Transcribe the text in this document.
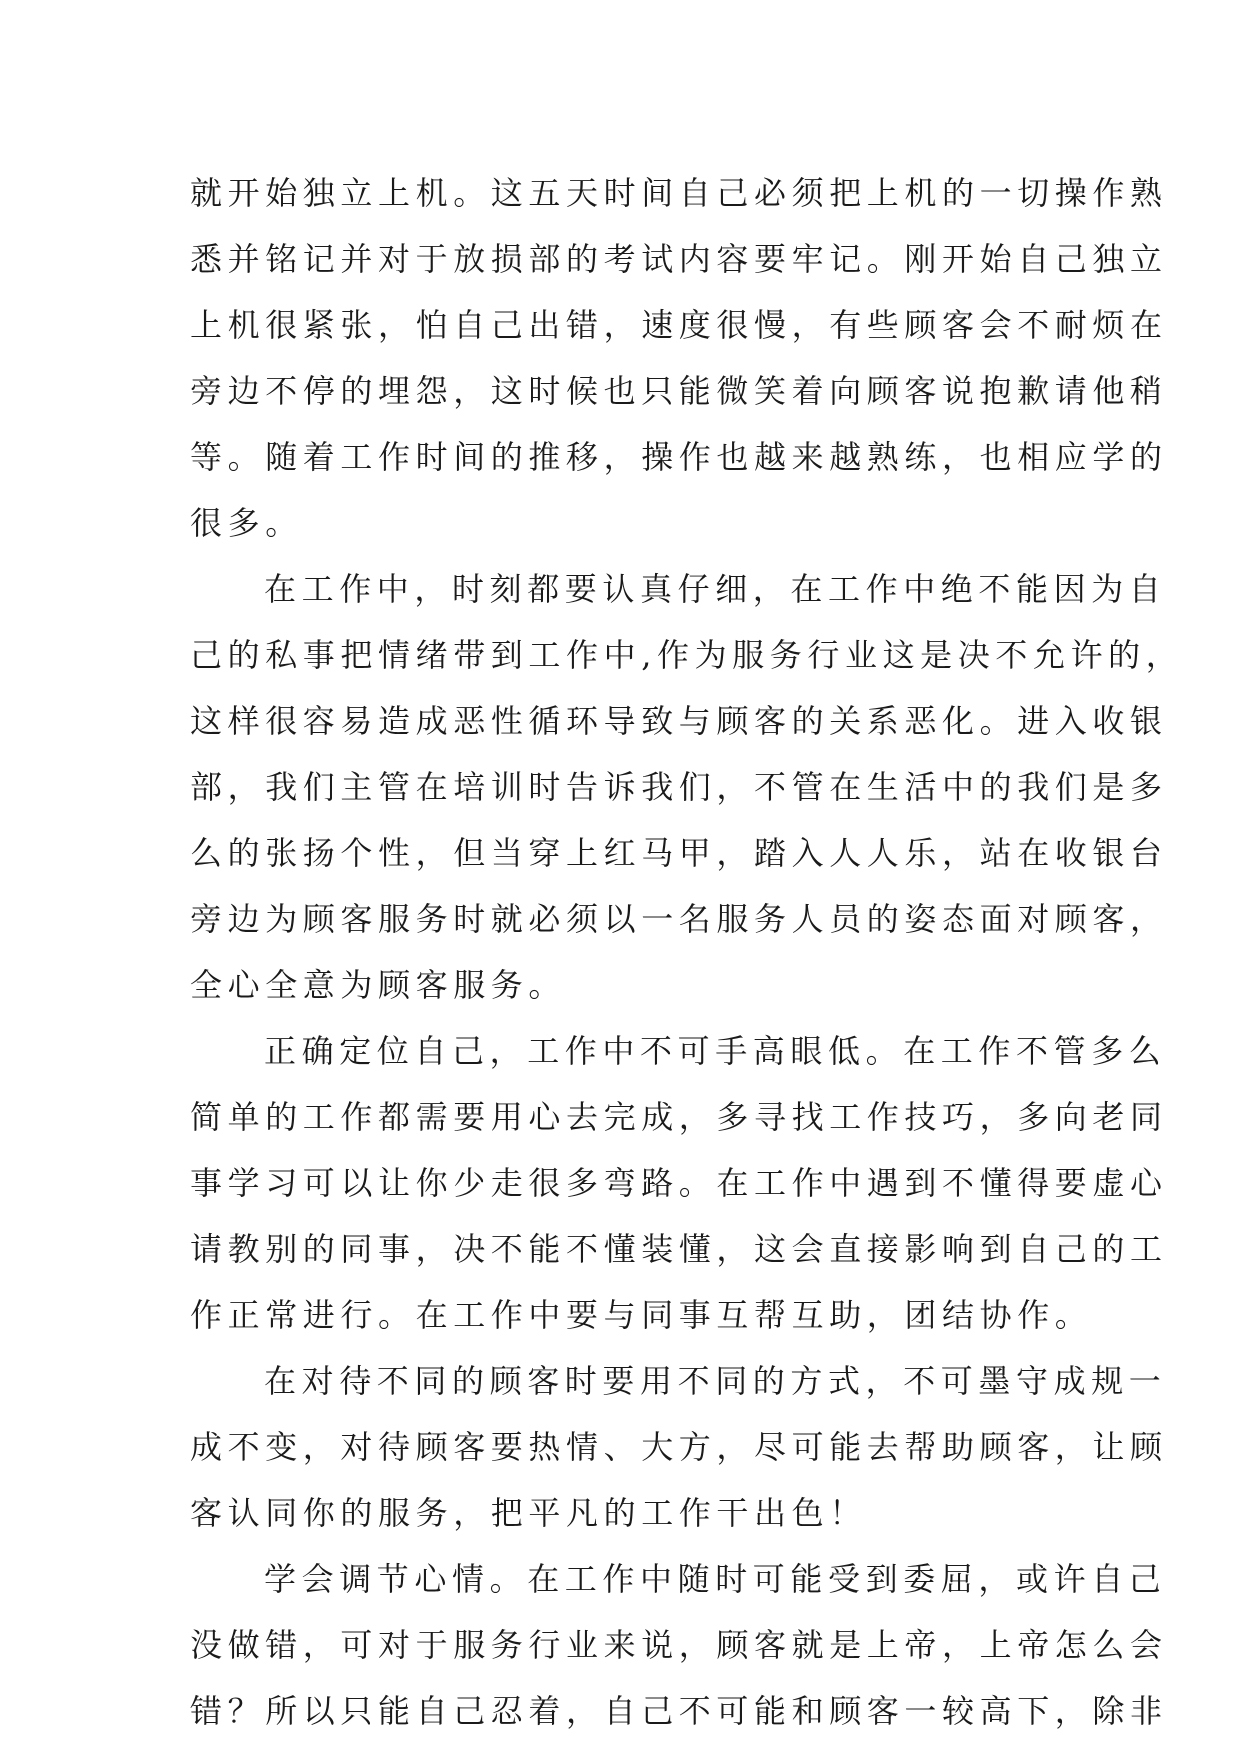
就开始独立上机。这五天时间自己必须把上机的一切操作熟
悉并铭记并对于放损部的考试内容要牢记。刚开始自己独立
上机很紧张，怕自己出错，速度很慢，有些顾客会不耐烦在
旁边不停的埋怨，这时候也只能微笑着向顾客说抱歉请他稍
等。随着工作时间的推移，操作也越来越熟练，也相应学的
很多。
在工作中，时刻都要认真仔细，在工作中绝不能因为自
己的私事把情绪带到工作中,作为服务行业这是决不允许的，
这样很容易造成恶性循环导致与顾客的关系恶化。进入收银
部，我们主管在培训时告诉我们，不管在生活中的我们是多
么的张扬个性，但当穿上红马甲，踏入人人乐，站在收银台
旁边为顾客服务时就必须以一名服务人员的姿态面对顾客，
全心全意为顾客服务。
正确定位自己，工作中不可手高眼低。在工作不管多么
简单的工作都需要用心去完成，多寻找工作技巧，多向老同
事学习可以让你少走很多弯路。在工作中遇到不懂得要虚心
请教别的同事，决不能不懂装懂，这会直接影响到自己的工
作正常进行。在工作中要与同事互帮互助，团结协作。
在对待不同的顾客时要用不同的方式，不可墨守成规一
成不变，对待顾客要热情、大方，尽可能去帮助顾客，让顾
客认同你的服务，把平凡的工作干出色！
学会调节心情。在工作中随时可能受到委屈，或许自己
没做错，可对于服务行业来说，顾客就是上帝，上帝怎么会
错？所以只能自己忍着，自己不可能和顾客一较高下，除非
